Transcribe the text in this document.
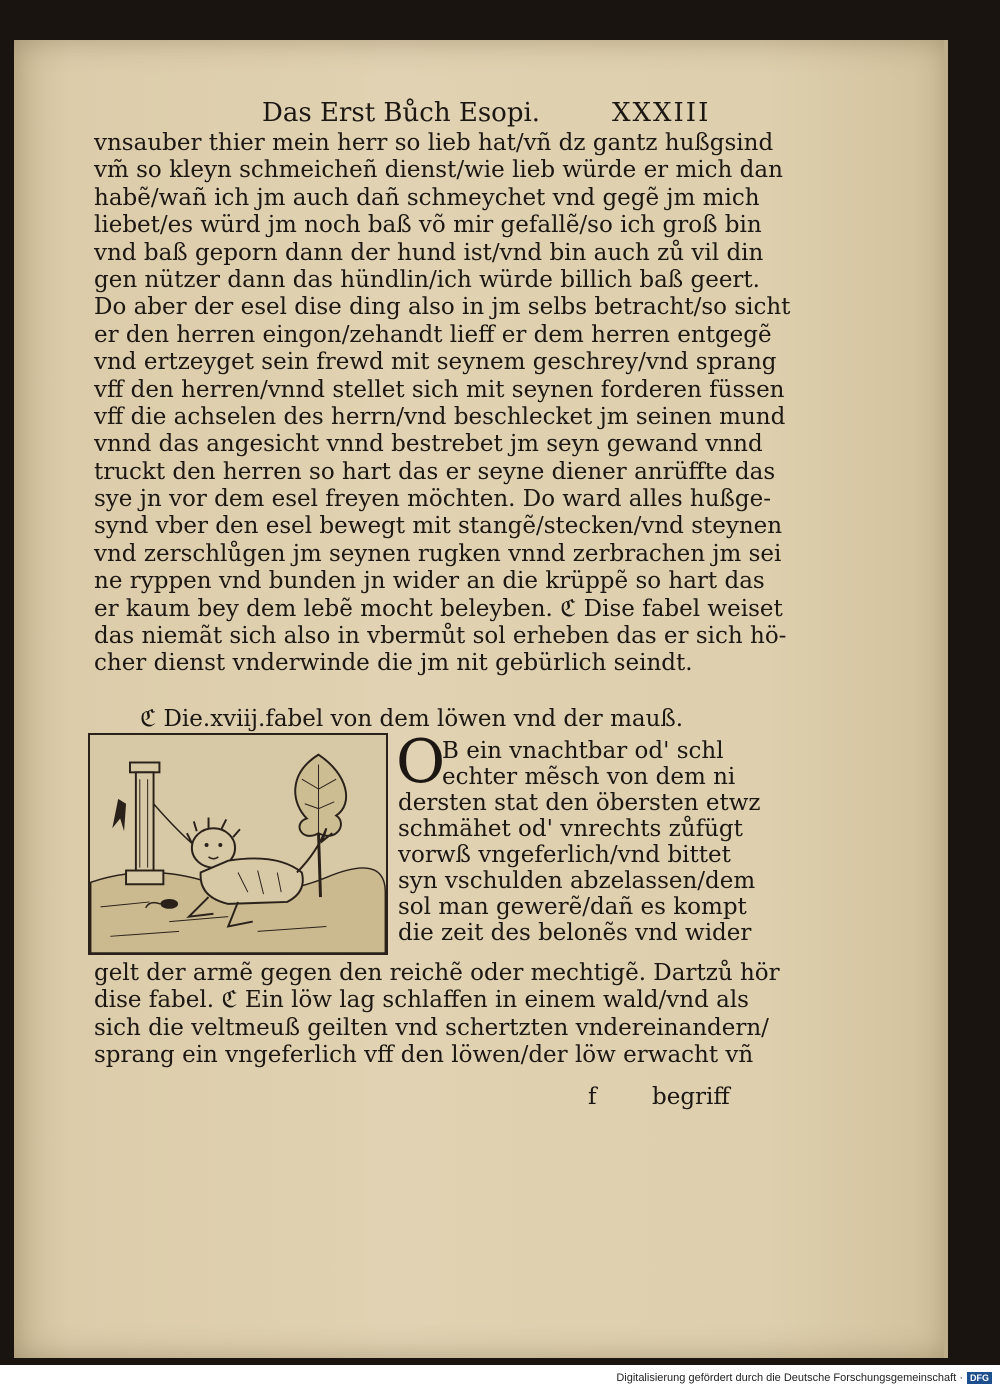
Das Erst Bůch Esopi.	XXXIII
vnsauber thier mein herr so lieb hat/vñ dz gantz hußgsind
vm̃ so kleyn schmeicheñ dienst/wie lieb würde er mich dan
habẽ/wañ ich jm auch dañ schmeychet vnd gegẽ jm mich
liebet/es würd jm noch baß võ mir gefallẽ/so ich groß bin
vnd baß geporn dann der hund ist/vnd bin auch zů vil din
gen nützer dann das hündlin/ich würde billich baß geert.
Do aber der esel dise ding also in jm selbs betracht/so sicht
er den herren eingon/zehandt lieff er dem herren entgegẽ
vnd ertzeyget sein frewd mit seynem geschrey/vnd sprang
vff den herren/vnnd stellet sich mit seynen forderen füssen
vff die achselen des herrn/vnd beschlecket jm seinen mund
vnnd das angesicht vnnd bestrebet jm seyn gewand vnnd
truckt den herren so hart das er seyne diener anrüffte das
sye jn vor dem esel freyen möchten. Do ward alles hußge-
synd vber den esel bewegt mit stangẽ/stecken/vnd steynen
vnd zerschlůgen jm seynen rugken vnnd zerbrachen jm sei
ne ryppen vnd bunden jn wider an die krüppẽ so hart das
er kaum bey dem lebẽ mocht beleyben. ℭ Dise fabel weiset
das niemãt sich also in vbermůt sol erheben das er sich hö-
cher dienst vnderwinde die jm nit gebürlich seindt.
ℭ Die.xviij.fabel von dem löwen vnd der mauß.
O
B ein vnachtbar od' schl
echter mẽsch von dem ni
dersten stat den öbersten etwz
schmähet od' vnrechts zůfügt
vorwß vngeferlich/vnd bittet
syn vschulden abzelassen/dem
sol man gewerẽ/dañ es kompt
die zeit des belonẽs vnd wider
gelt der armẽ gegen den reichẽ oder mechtigẽ. Dartzů hör
dise fabel. ℭ Ein löw lag schlaffen in einem wald/vnd als
sich die veltmeuß geilten vnd schertzten vndereinandern/
sprang ein vngeferlich vff den löwen/der löw erwacht vñ
f begriff
Digitalisierung gefördert durch die Deutsche Forschungsgemeinschaft · DFG
